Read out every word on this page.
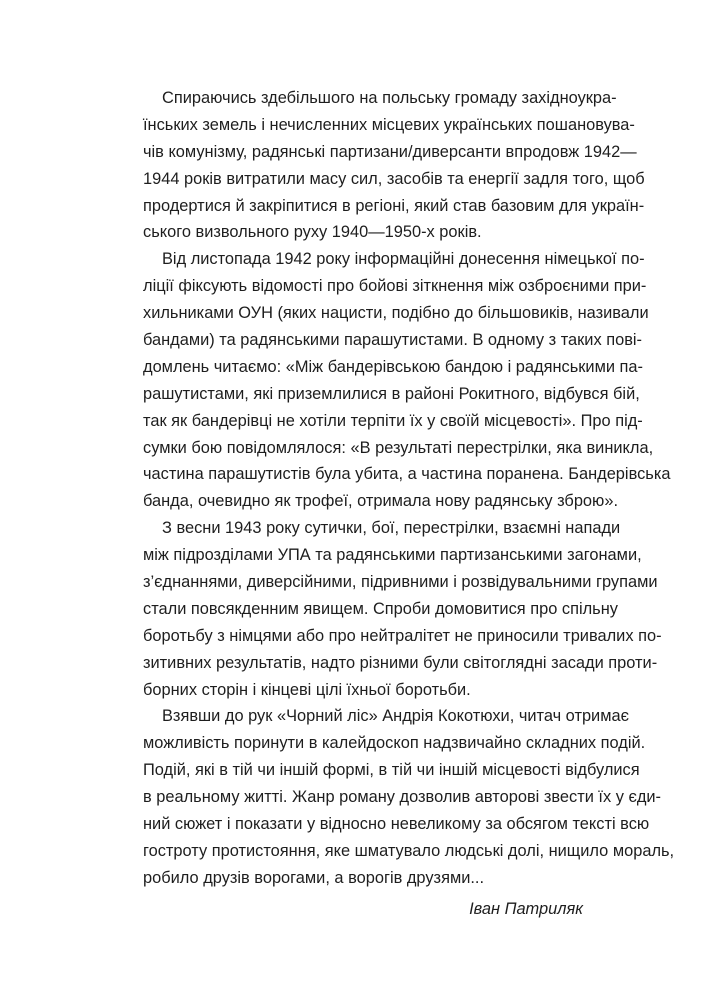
Спираючись здебільшого на польську громаду західноукра-
їнських земель і нечисленних місцевих українських пошановува-
чів комунізму, радянські партизани/диверсанти впродовж 1942—
1944 років витратили масу сил, засобів та енергії задля того, щоб
продертися й закріпитися в регіоні, який став базовим для україн-
ського визвольного руху 1940—1950-х років.
Від листопада 1942 року інформаційні донесення німецької по-
ліції фіксують відомості про бойові зіткнення між озброєними при-
хильниками ОУН (яких нацисти, подібно до більшовиків, називали
бандами) та радянськими парашутистами. В одному з таких пові-
домлень читаємо: «Між бандерівською бандою і радянськими па-
рашутистами, які приземлилися в районі Рокитного, відбувся бій,
так як бандерівці не хотіли терпіти їх у своїй місцевості». Про під-
сумки бою повідомлялося: «В результаті перестрілки, яка виникла,
частина парашутистів була убита, а частина поранена. Бандерівська
банда, очевидно як трофеї, отримала нову радянську зброю».
З весни 1943 року сутички, бої, перестрілки, взаємні напади
між підрозділами УПА та радянськими партизанськими загонами,
з’єднаннями, диверсійними, підривними і розвідувальними групами
стали повсякденним явищем. Спроби домовитися про спільну
боротьбу з німцями або про нейтралітет не приносили тривалих по-
зитивних результатів, надто різними були світоглядні засади проти-
борних сторін і кінцеві цілі їхньої боротьби.
Взявши до рук «Чорний ліс» Андрія Кокотюхи, читач отримає
можливість поринути в калейдоскоп надзвичайно складних подій.
Подій, які в тій чи іншій формі, в тій чи іншій місцевості відбулися
в реальному житті. Жанр роману дозволив авторові звести їх у єди-
ний сюжет і показати у відносно невеликому за обсягом тексті всю
гостроту протистояння, яке шматувало людські долі, нищило мораль,
робило друзів ворогами, а ворогів друзями...
Іван Патриляк
